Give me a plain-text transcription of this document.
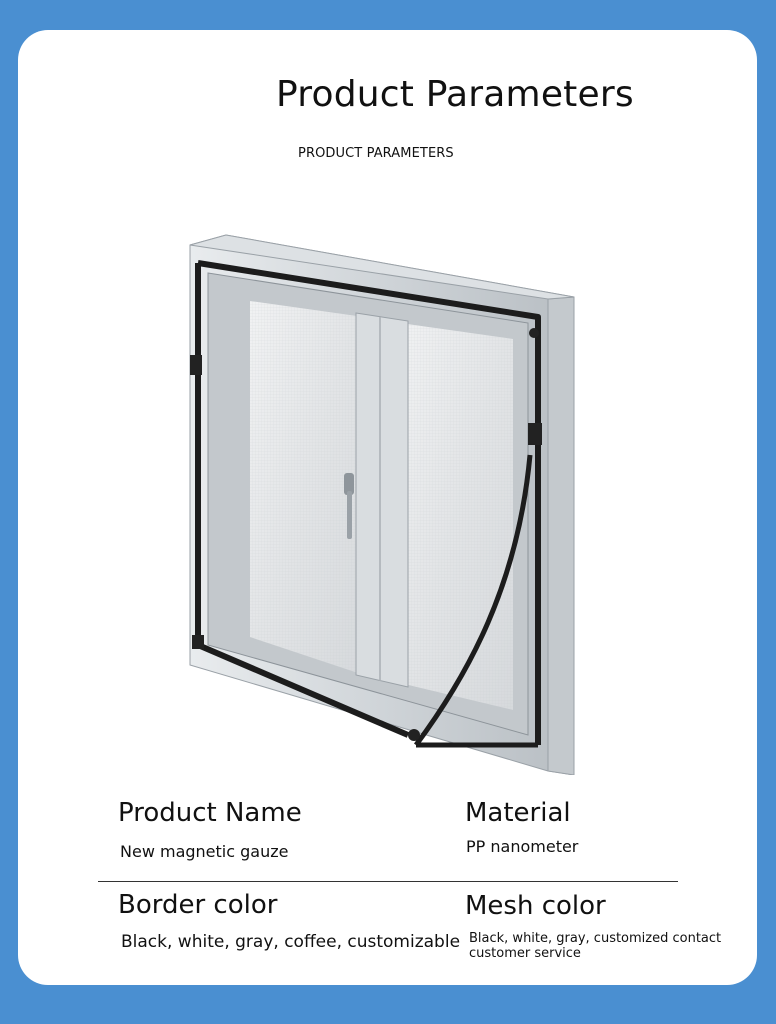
Product Parameters
PRODUCT PARAMETERS
Product Name
New magnetic gauze
Material
PP nanometer
Border color
Black, white, gray, coffee, customizable
Mesh color
Black, white, gray, customized contact customer service
